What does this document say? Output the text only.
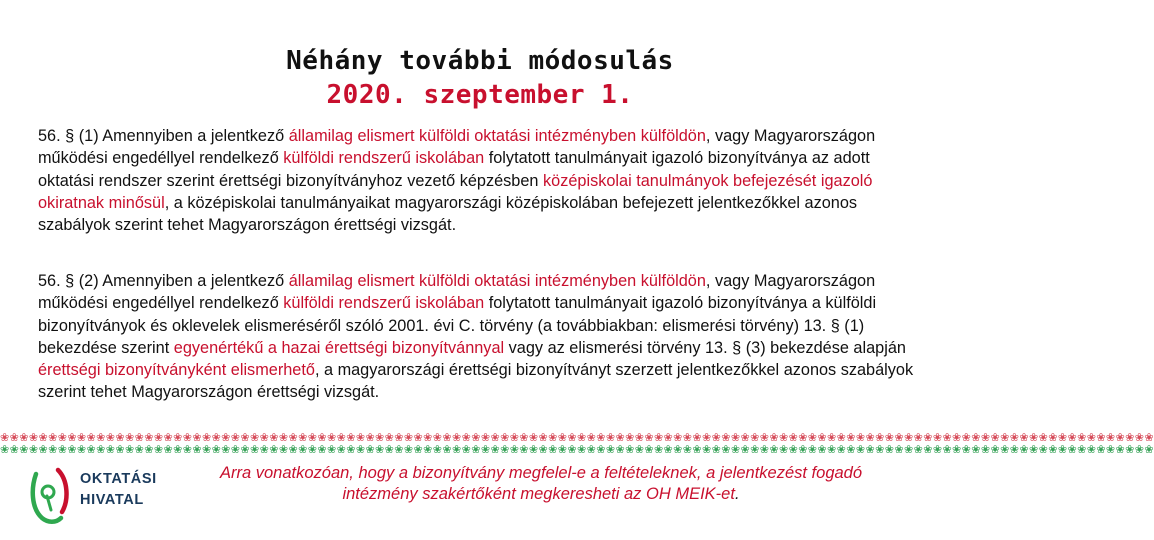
Néhány további módosulás
2020. szeptember 1.
56. § (1) Amennyiben a jelentkező államilag elismert külföldi oktatási intézményben külföldön, vagy Magyarországon működési engedéllyel rendelkező külföldi rendszerű iskolában folytatott tanulmányait igazoló bizonyítványa az adott oktatási rendszer szerint érettségi bizonyítványhoz vezető képzésben középiskolai tanulmányok befejezését igazoló okiratnak minősül, a középiskolai tanulmányaikat magyarországi középiskolában befejezett jelentkezőkkel azonos szabályok szerint tehet Magyarországon érettségi vizsgát.
56. § (2) Amennyiben a jelentkező államilag elismert külföldi oktatási intézményben külföldön, vagy Magyarországon működési engedéllyel rendelkező külföldi rendszerű iskolában folytatott tanulmányait igazoló bizonyítványa a külföldi bizonyítványok és oklevelek elismeréséről szóló 2001. évi C. törvény (a továbbiakban: elismerési törvény) 13. § (1) bekezdése szerint egyenértékű a hazai érettségi bizonyítvánnyal vagy az elismerési törvény 13. § (3) bekezdése alapján érettségi bizonyítványként elismerhető, a magyarországi érettségi bizonyítványt szerzett jelentkezőkkel azonos szabályok szerint tehet Magyarországon érettségi vizsgát.
❀❀❀❀❀❀❀❀❀❀❀❀❀❀❀❀❀❀❀❀❀❀❀❀❀❀❀❀❀❀❀❀❀❀❀❀❀❀❀❀❀❀❀❀❀❀❀❀❀❀❀❀❀❀❀❀❀❀❀❀❀❀❀❀❀❀❀❀❀❀❀❀❀❀❀❀❀❀❀❀❀❀❀❀❀❀❀❀❀❀❀❀❀❀❀❀❀❀❀❀❀❀❀❀❀❀❀❀❀❀❀❀❀❀❀❀❀❀❀❀
❀❀❀❀❀❀❀❀❀❀❀❀❀❀❀❀❀❀❀❀❀❀❀❀❀❀❀❀❀❀❀❀❀❀❀❀❀❀❀❀❀❀❀❀❀❀❀❀❀❀❀❀❀❀❀❀❀❀❀❀❀❀❀❀❀❀❀❀❀❀❀❀❀❀❀❀❀❀❀❀❀❀❀❀❀❀❀❀❀❀❀❀❀❀❀❀❀❀❀❀❀❀❀❀❀❀❀❀❀❀❀❀❀❀❀❀❀❀❀❀
OKTATÁSI
HIVATAL
Arra vonatkozóan, hogy a bizonyítvány megfelel-e a feltételeknek, a jelentkezést fogadó intézmény szakértőként megkeresheti az OH MEIK-et.
